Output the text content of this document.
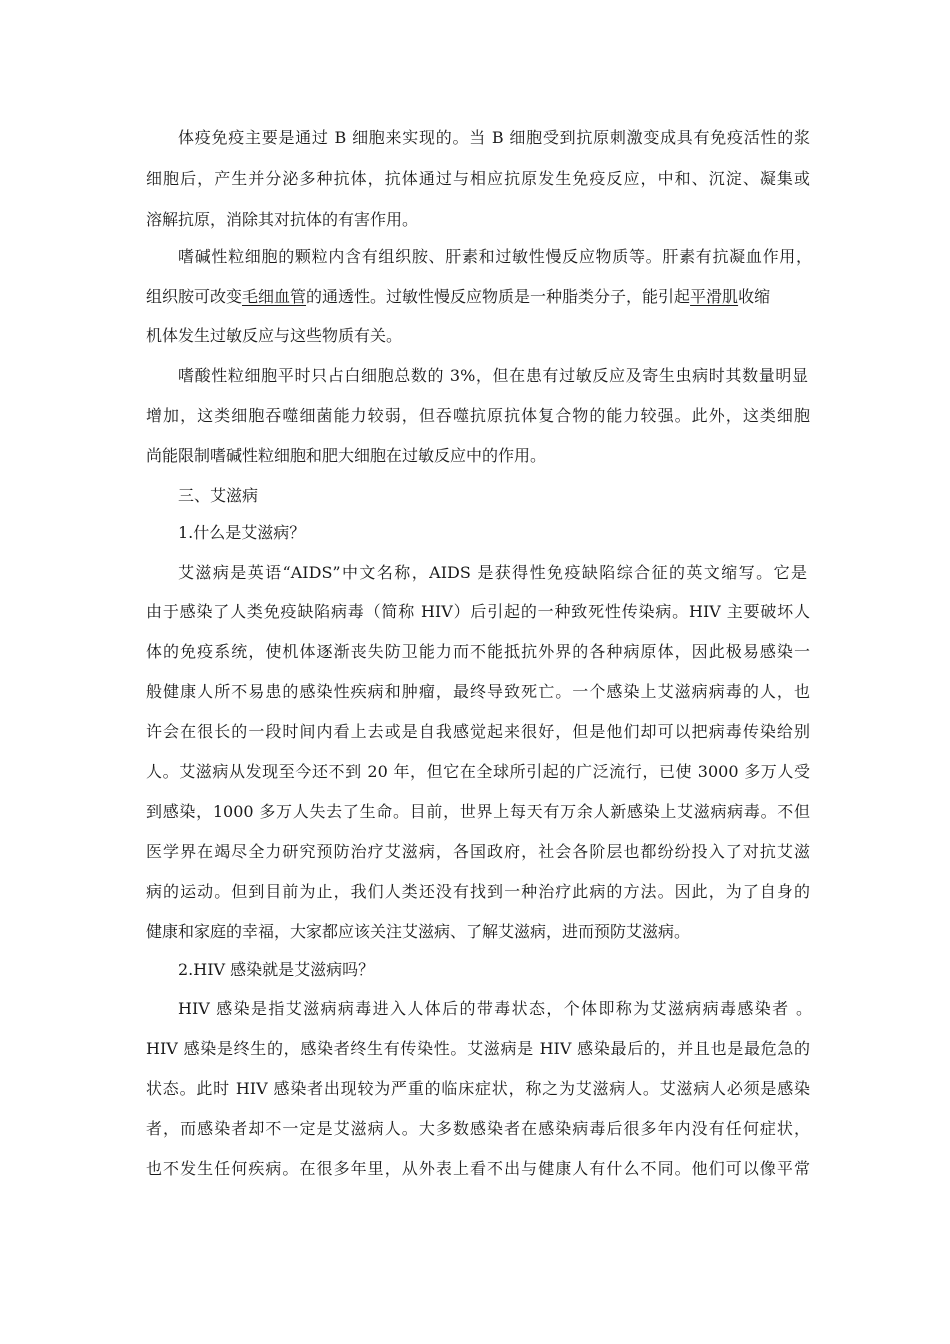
体疫免疫主要是通过 B 细胞来实现的。当 B 细胞受到抗原刺激变成具有免疫活性的浆
细胞后，产生并分泌多种抗体，抗体通过与相应抗原发生免疫反应，中和、沉淀、凝集或
溶解抗原，消除其对抗体的有害作用。
嗜碱性粒细胞的颗粒内含有组织胺、肝素和过敏性慢反应物质等。肝素有抗凝血作用，
组织胺可改变毛细血管的通透性。过敏性慢反应物质是一种脂类分子，能引起平滑肌收缩
机体发生过敏反应与这些物质有关。
嗜酸性粒细胞平时只占白细胞总数的 3%，但在患有过敏反应及寄生虫病时其数量明显
增加，这类细胞吞噬细菌能力较弱，但吞噬抗原抗体复合物的能力较强。此外，这类细胞
尚能限制嗜碱性粒细胞和肥大细胞在过敏反应中的作用。
三、艾滋病
1.什么是艾滋病？
艾滋病是英语“AIDS”中文名称，AIDS 是获得性免疫缺陷综合征的英文缩写。它是
由于感染了人类免疫缺陷病毒（简称 HIV）后引起的一种致死性传染病。HIV 主要破坏人
体的免疫系统，使机体逐渐丧失防卫能力而不能抵抗外界的各种病原体，因此极易感染一
般健康人所不易患的感染性疾病和肿瘤，最终导致死亡。一个感染上艾滋病病毒的人，也
许会在很长的一段时间内看上去或是自我感觉起来很好，但是他们却可以把病毒传染给别
人。艾滋病从发现至今还不到 20 年，但它在全球所引起的广泛流行，已使 3000 多万人受
到感染，1000 多万人失去了生命。目前，世界上每天有万余人新感染上艾滋病病毒。不但
医学界在竭尽全力研究预防治疗艾滋病，各国政府，社会各阶层也都纷纷投入了对抗艾滋
病的运动。但到目前为止，我们人类还没有找到一种治疗此病的方法。因此，为了自身的
健康和家庭的幸福，大家都应该关注艾滋病、了解艾滋病，进而预防艾滋病。
2.HIV 感染就是艾滋病吗？
HIV 感染是指艾滋病病毒进入人体后的带毒状态，个体即称为艾滋病病毒感染者 。
HIV 感染是终生的，感染者终生有传染性。艾滋病是 HIV 感染最后的，并且也是最危急的
状态。此时 HIV 感染者出现较为严重的临床症状，称之为艾滋病人。艾滋病人必须是感染
者，而感染者却不一定是艾滋病人。大多数感染者在感染病毒后很多年内没有任何症状，
也不发生任何疾病。在很多年里，从外表上看不出与健康人有什么不同。他们可以像平常
